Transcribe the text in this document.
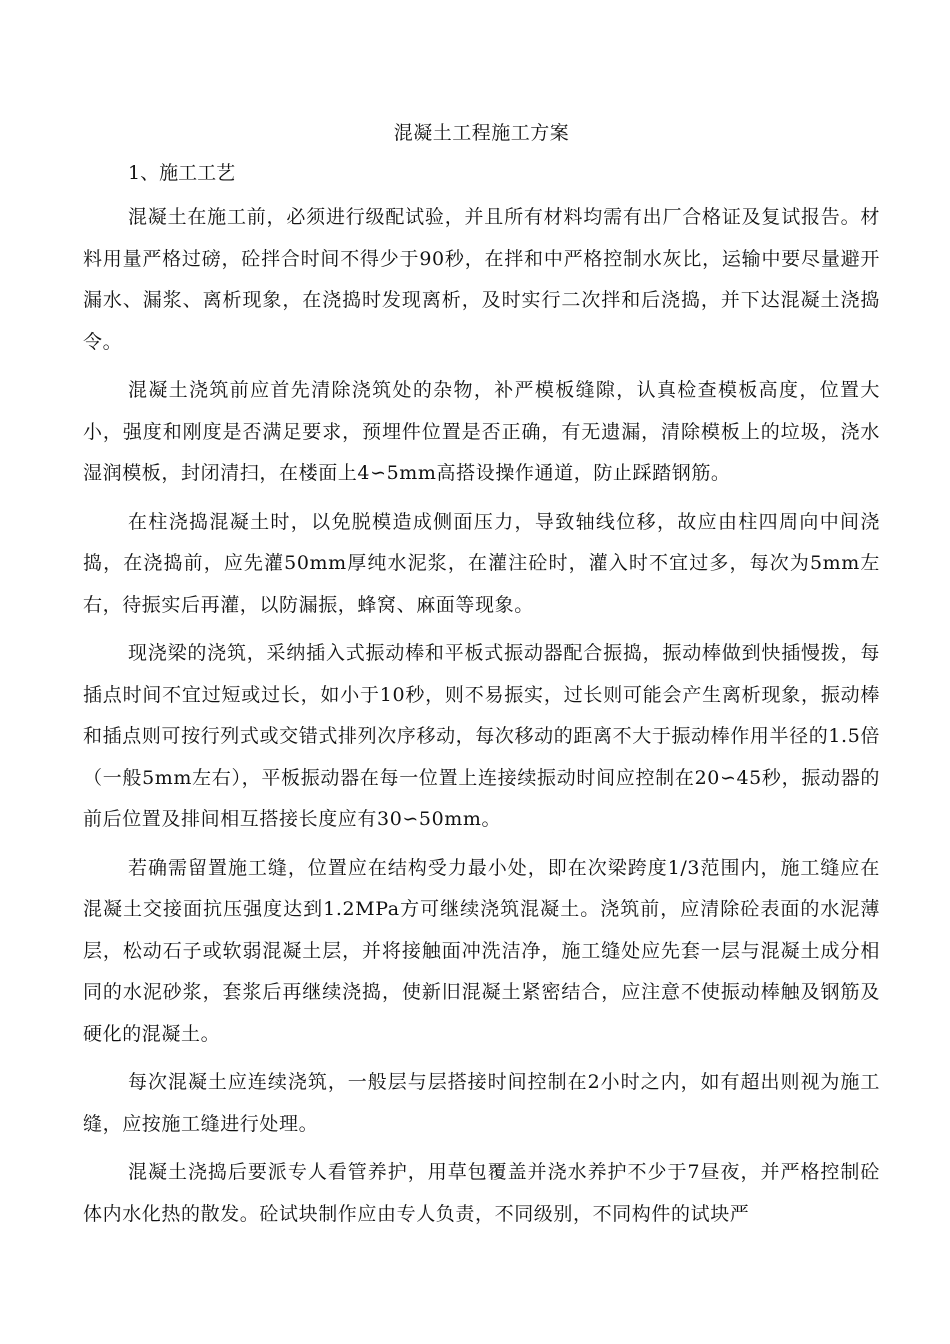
混凝土工程施工方案
1、施工工艺

混凝土在施工前，必须进行级配试验，并且所有材料均需有出厂合格证及复试报告。材料用量严格过磅，砼拌合时间不得少于90秒，在拌和中严格控制水灰比，运输中要尽量避开漏水、漏浆、离析现象，在浇捣时发现离析，及时实行二次拌和后浇捣，并下达混凝土浇捣令。

混凝土浇筑前应首先清除浇筑处的杂物，补严模板缝隙，认真检查模板高度，位置大小，强度和刚度是否满足要求，预埋件位置是否正确，有无遗漏，清除模板上的垃圾，浇水湿润模板，封闭清扫，在楼面上4∽5mm高搭设操作通道，防止踩踏钢筋。

在柱浇捣混凝土时，以免脱模造成侧面压力，导致轴线位移，故应由柱四周向中间浇捣，在浇捣前，应先灌50mm厚纯水泥浆，在灌注砼时，灌入时不宜过多，每次为5mm左右，待振实后再灌，以防漏振，蜂窝、麻面等现象。

现浇梁的浇筑，采纳插入式振动棒和平板式振动器配合振捣，振动棒做到快插慢拨，每插点时间不宜过短或过长，如小于10秒，则不易振实，过长则可能会产生离析现象，振动棒和插点则可按行列式或交错式排列次序移动，每次移动的距离不大于振动棒作用半径的1.5倍（一般5mm左右），平板振动器在每一位置上连接续振动时间应控制在20∽45秒，振动器的前后位置及排间相互搭接长度应有30∽50mm。

若确需留置施工缝，位置应在结构受力最小处，即在次梁跨度1/3范围内，施工缝应在混凝土交接面抗压强度达到1.2MPa方可继续浇筑混凝土。浇筑前，应清除砼表面的水泥薄层，松动石子或软弱混凝土层，并将接触面冲洗洁净，施工缝处应先套一层与混凝土成分相同的水泥砂浆，套浆后再继续浇捣，使新旧混凝土紧密结合，应注意不使振动棒触及钢筋及硬化的混凝土。

每次混凝土应连续浇筑，一般层与层搭接时间控制在2小时之内，如有超出则视为施工缝，应按施工缝进行处理。

混凝土浇捣后要派专人看管养护，用草包覆盖并浇水养护不少于7昼夜，并严格控制砼体内水化热的散发。砼试块制作应由专人负责，不同级别，不同构件的试块严
